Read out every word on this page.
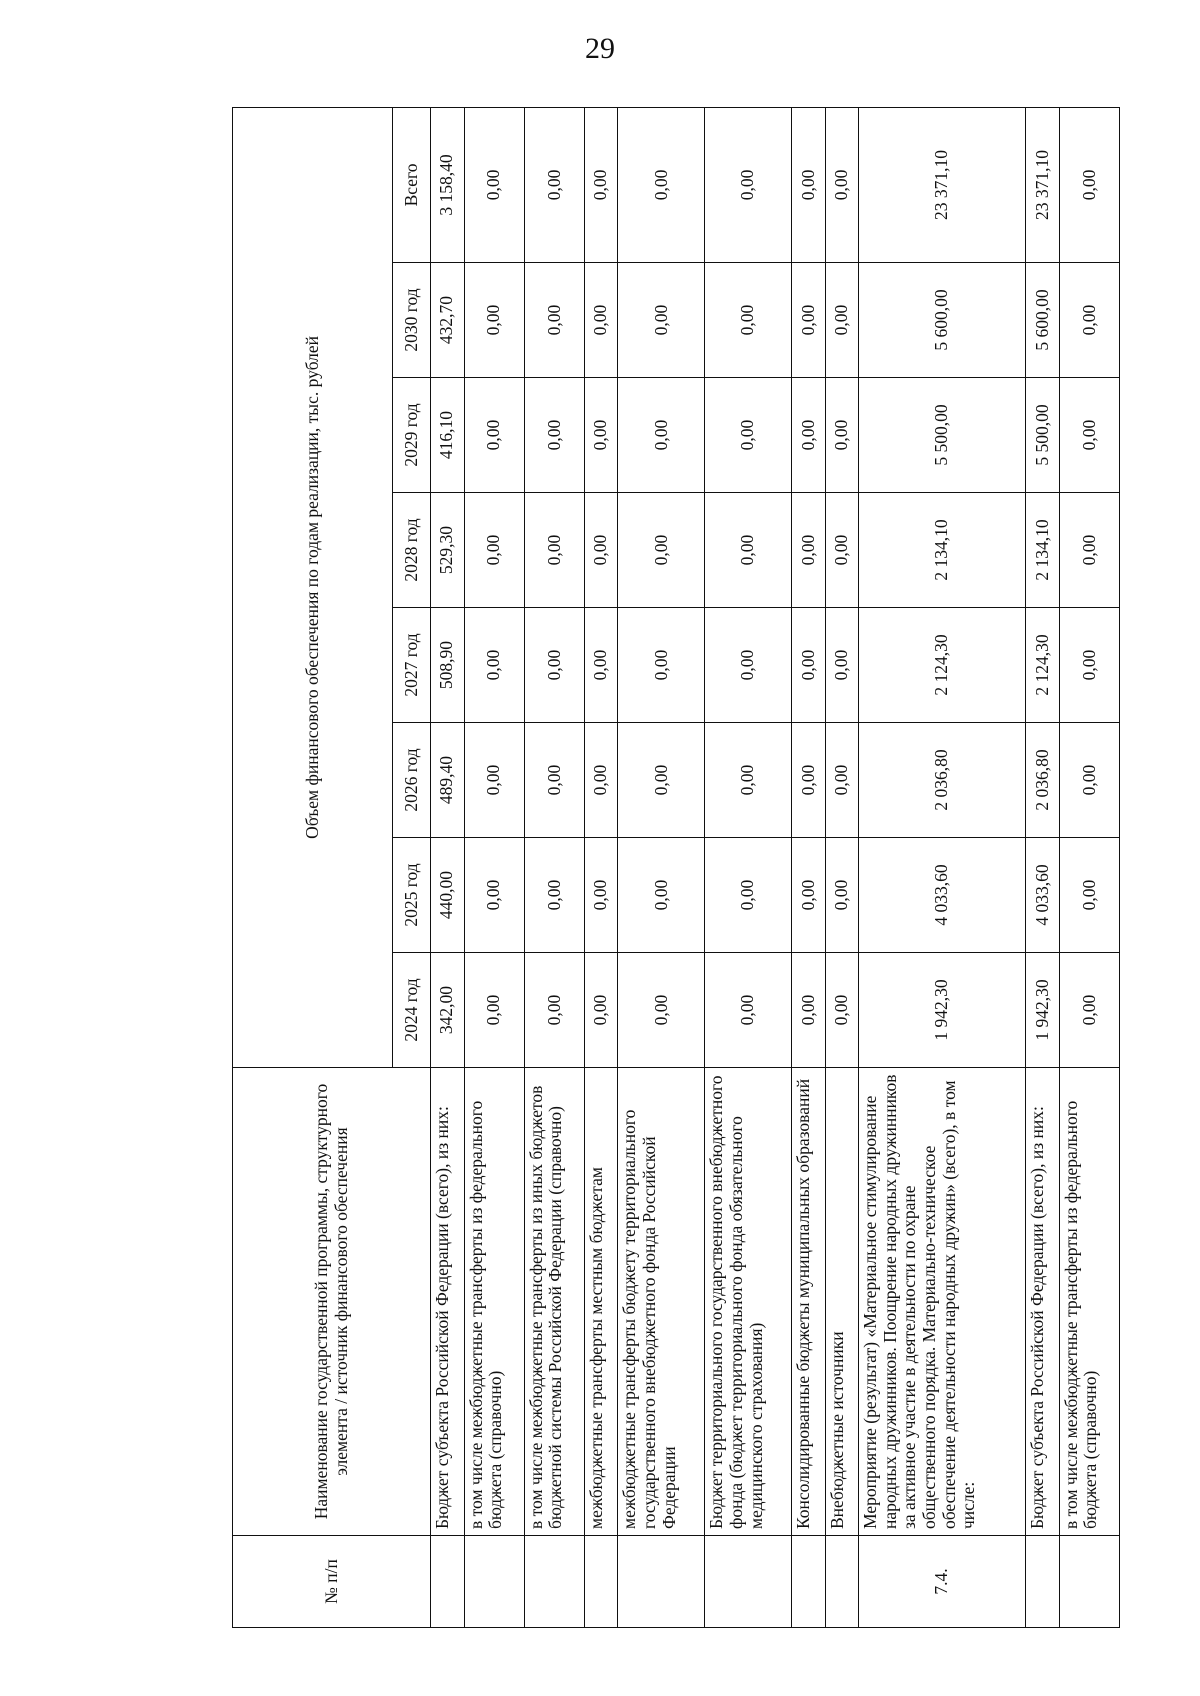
29
№ п/п	Наименование государственной программы, структурного элемента / источник финансового обеспечения	Объем финансового обеспечения по годам реализации, тыс. рублей							
		2024 год	2025 год	2026 год	2027 год	2028 год	2029 год	2030 год	Всего
	Бюджет субъекта Российской Федерации (всего), из них:	342,00	440,00	489,40	508,90	529,30	416,10	432,70	3 158,40
	в том числе межбюджетные трансферты из федерального бюджета (справочно)	0,00	0,00	0,00	0,00	0,00	0,00	0,00	0,00
	в том числе межбюджетные трансферты из иных бюджетов бюджетной системы Российской Федерации (справочно)	0,00	0,00	0,00	0,00	0,00	0,00	0,00	0,00
	межбюджетные трансферты местным бюджетам	0,00	0,00	0,00	0,00	0,00	0,00	0,00	0,00
	межбюджетные трансферты бюджету территориального государственного внебюджетного фонда Российской Федерации	0,00	0,00	0,00	0,00	0,00	0,00	0,00	0,00
	Бюджет территориального государственного внебюджетного фонда (бюджет территориального фонда обязательного медицинского страхования)	0,00	0,00	0,00	0,00	0,00	0,00	0,00	0,00
	Консолидированные бюджеты муниципальных образований	0,00	0,00	0,00	0,00	0,00	0,00	0,00	0,00
	Внебюджетные источники	0,00	0,00	0,00	0,00	0,00	0,00	0,00	0,00
7.4.	Мероприятие (результат) «Материальное стимулирование народных дружинников. Поощрение народных дружинников за активное участие в деятельности по охране общественного порядка. Материально-техническое обеспечение деятельности народных дружин» (всего), в том числе:	1 942,30	4 033,60	2 036,80	2 124,30	2 134,10	5 500,00	5 600,00	23 371,10
	Бюджет субъекта Российской Федерации (всего), из них:	1 942,30	4 033,60	2 036,80	2 124,30	2 134,10	5 500,00	5 600,00	23 371,10
	в том числе межбюджетные трансферты из федерального бюджета (справочно)	0,00	0,00	0,00	0,00	0,00	0,00	0,00	0,00
